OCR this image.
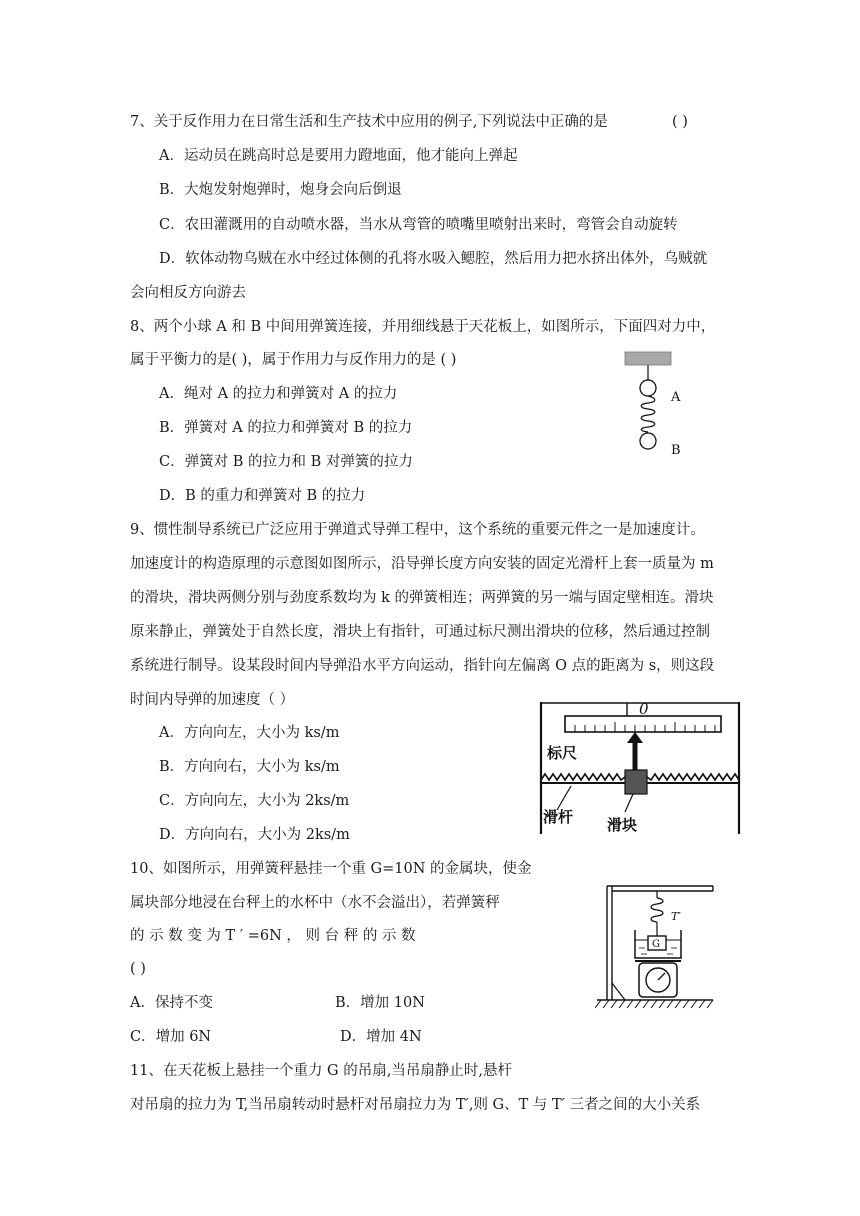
7、关于反作用力在日常生活和生产技术中应用的例子,下列说法中正确的是	( )
A．运动员在跳高时总是要用力蹬地面，他才能向上弹起
B．大炮发射炮弹时，炮身会向后倒退
C．农田灌溉用的自动喷水器，当水从弯管的喷嘴里喷射出来时，弯管会自动旋转
D．软体动物乌贼在水中经过体侧的孔将水吸入鳃腔，然后用力把水挤出体外，乌贼就
会向相反方向游去
8、两个小球 A 和 B 中间用弹簧连接，并用细线悬于天花板上，如图所示，下面四对力中，
属于平衡力的是( )，属于作用力与反作用力的是 ( )
A．绳对 A 的拉力和弹簧对 A 的拉力
B．弹簧对 A 的拉力和弹簧对 B 的拉力
C．弹簧对 B 的拉力和 B 对弹簧的拉力
D．B 的重力和弹簧对 B 的拉力
A
B
9、惯性制导系统已广泛应用于弹道式导弹工程中，这个系统的重要元件之一是加速度计。
加速度计的构造原理的示意图如图所示，沿导弹长度方向安装的固定光滑杆上套一质量为 m
的滑块，滑块两侧分别与劲度系数均为 k 的弹簧相连；两弹簧的另一端与固定壁相连。滑块
原来静止，弹簧处于自然长度，滑块上有指针，可通过标尺测出滑块的位移，然后通过控制
系统进行制导。设某段时间内导弹沿水平方向运动，指针向左偏离 O 点的距离为 s，则这段
时间内导弹的加速度（ ）
A．方向向左，大小为 ks/m
B．方向向右，大小为 ks/m
C．方向向左，大小为 2ks/m
D．方向向右，大小为 2ks/m
0
标尺
滑杆 滑块
10、如图所示，用弹簧秤悬挂一个重 G=10N 的金属块，使金
属块部分地浸在台秤上的水杯中（水不会溢出），若弹簧秤
的 示 数 变 为 T ′ =6N ， 则 台 秤 的 示 数
( )
A．保持不变	B．增加 10N
C．增加 6N	D．增加 4N
T′
G
11、在天花板上悬挂一个重力 G 的吊扇,当吊扇静止时,悬杆
对吊扇的拉力为 T,当吊扇转动时悬杆对吊扇拉力为 T′,则 G、T 与 T′ 三者之间的大小关系
